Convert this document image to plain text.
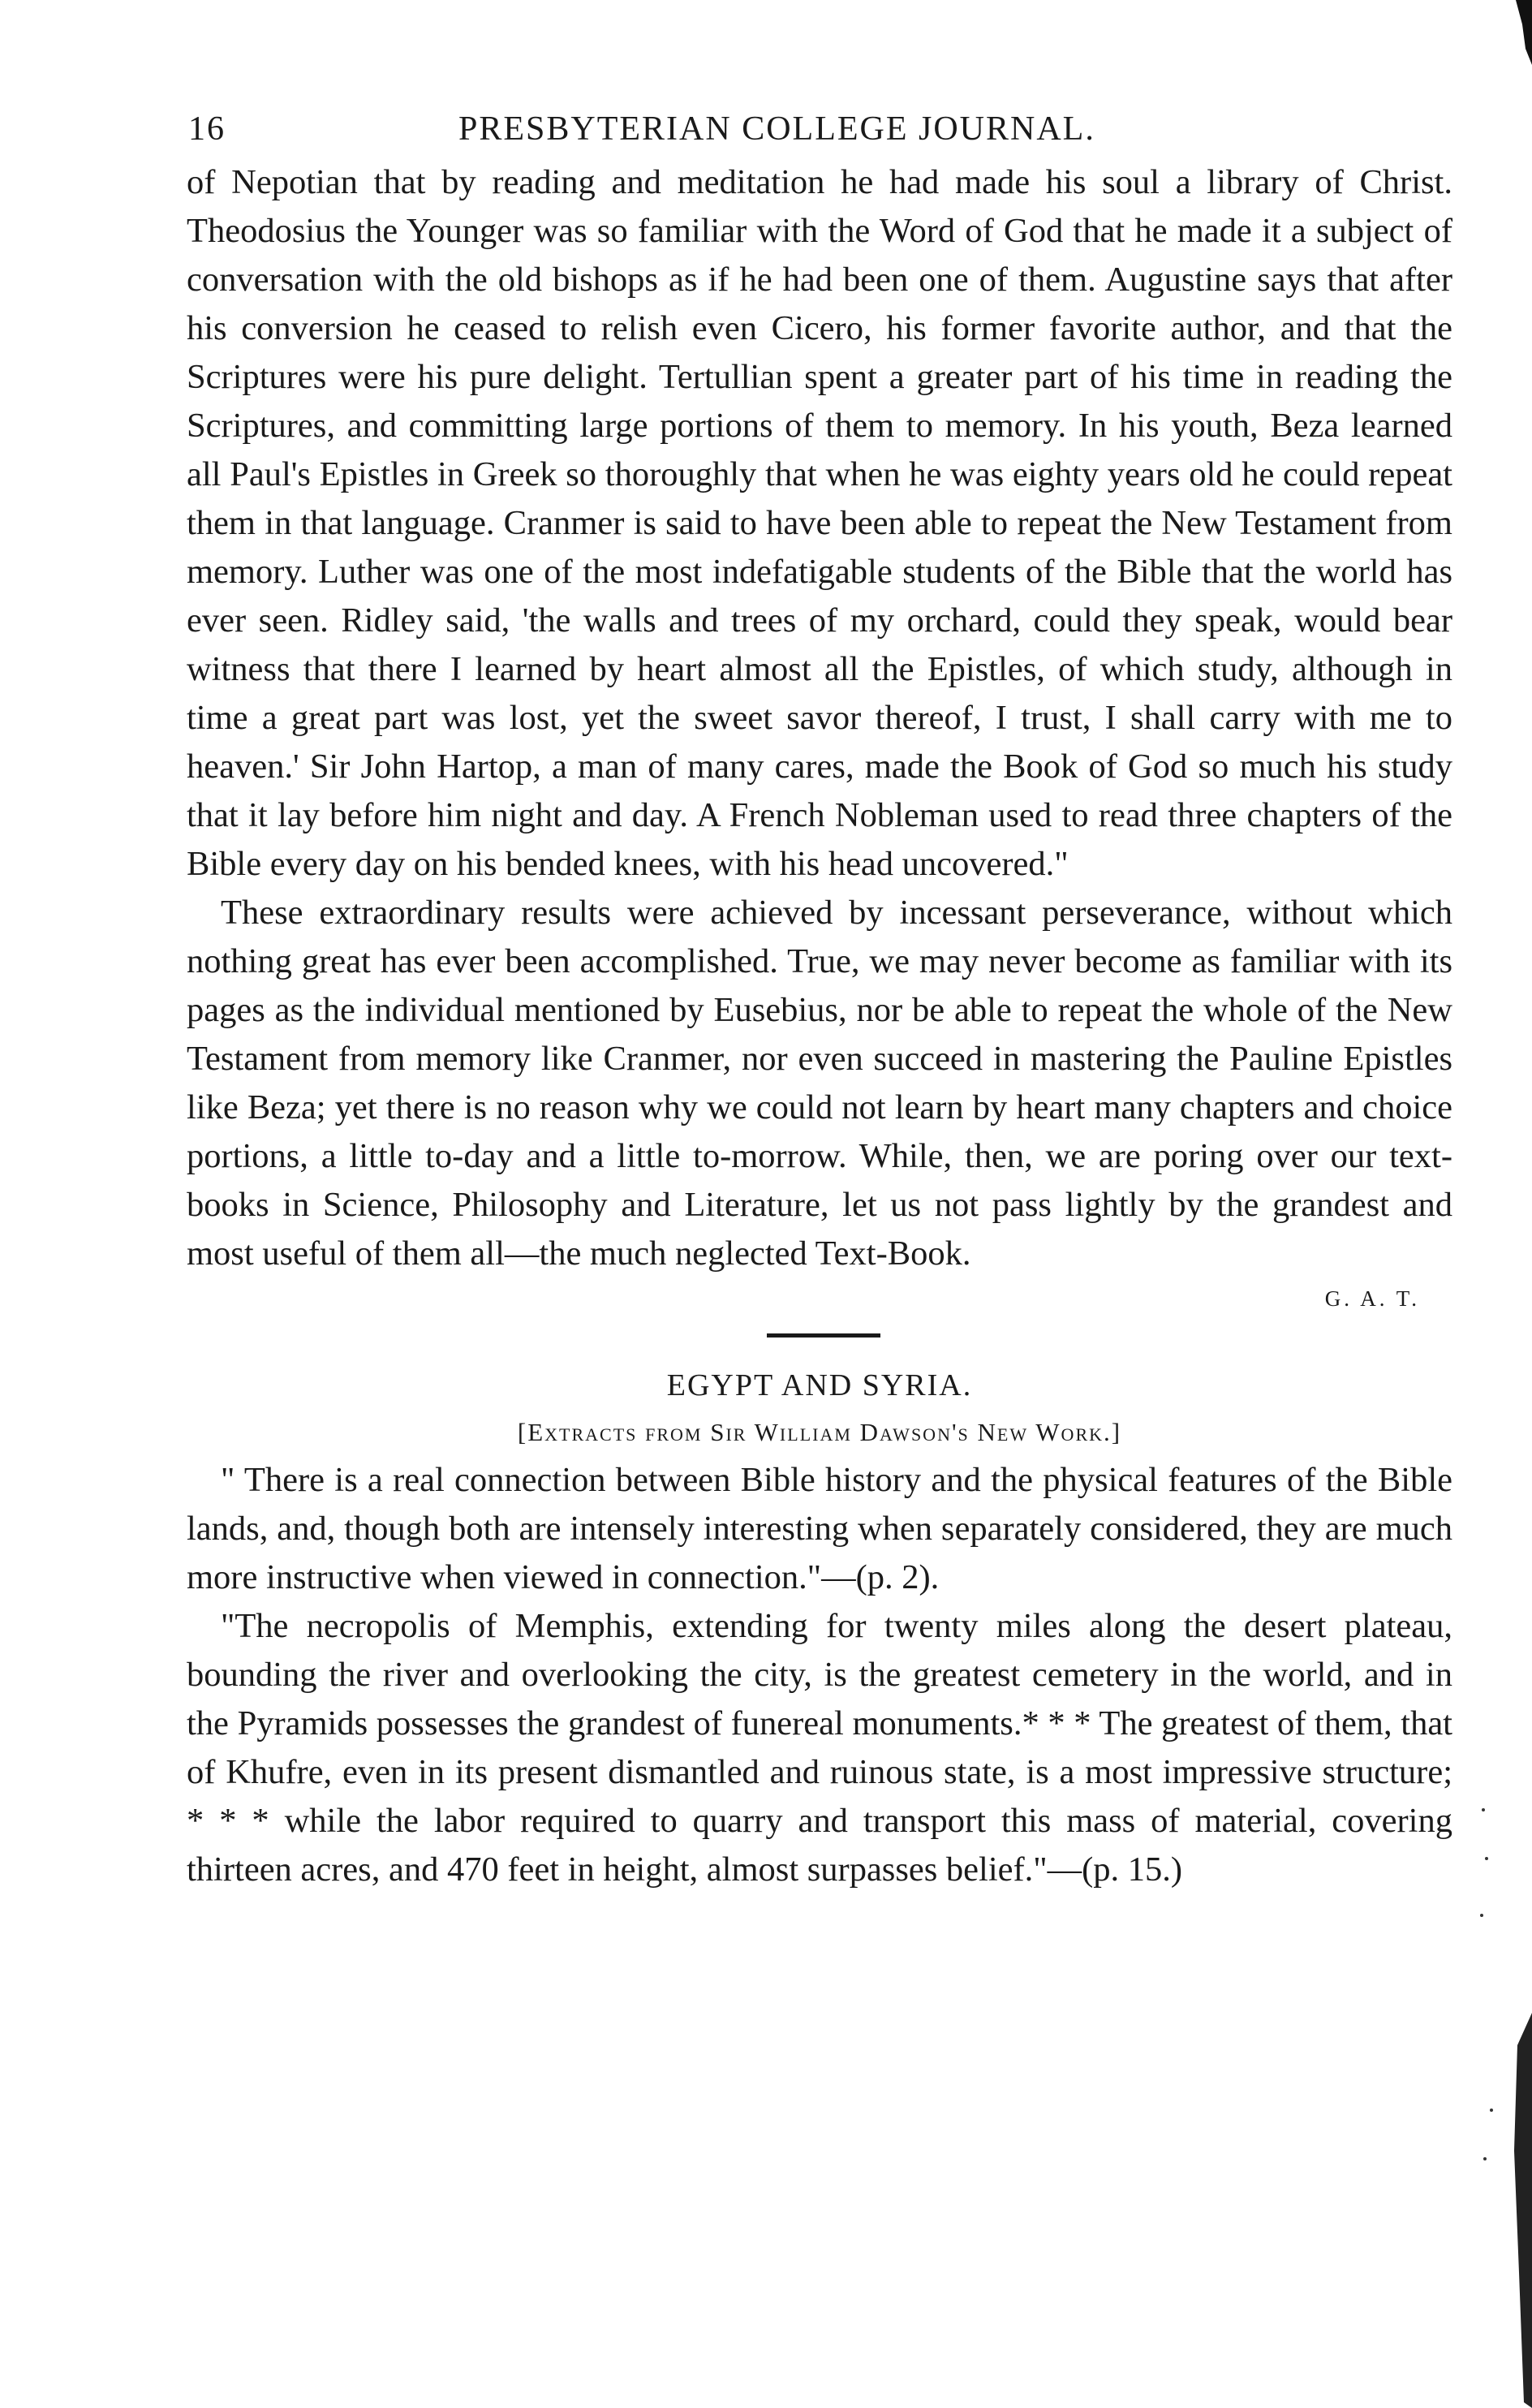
16	PRESBYTERIAN COLLEGE JOURNAL.

of Nepotian that by reading and meditation he had made his soul a library of Christ. Theodosius the Younger was so familiar with the Word of God that he made it a subject of conversation with the old bishops as if he had been one of them. Augustine says that after his conversion he ceased to relish even Cicero, his former favorite author, and that the Scriptures were his pure delight. Tertullian spent a greater part of his time in reading the Scriptures, and committing large portions of them to memory. In his youth, Beza learned all Paul's Epistles in Greek so thoroughly that when he was eighty years old he could repeat them in that language. Cranmer is said to have been able to repeat the New Testament from memory. Luther was one of the most indefatigable students of the Bible that the world has ever seen. Ridley said, 'the walls and trees of my orchard, could they speak, would bear witness that there I learned by heart almost all the Epistles, of which study, although in time a great part was lost, yet the sweet savor thereof, I trust, I shall carry with me to heaven.' Sir John Hartop, a man of many cares, made the Book of God so much his study that it lay before him night and day. A French Nobleman used to read three chapters of the Bible every day on his bended knees, with his head uncovered."

These extraordinary results were achieved by incessant perseverance, without which nothing great has ever been accomplished. True, we may never become as familiar with its pages as the individual mentioned by Eusebius, nor be able to repeat the whole of the New Testament from memory like Cranmer, nor even succeed in mastering the Pauline Epistles like Beza; yet there is no reason why we could not learn by heart many chapters and choice portions, a little to-day and a little to-morrow. While, then, we are poring over our text-books in Science, Philosophy and Literature, let us not pass lightly by the grandest and most useful of them all—the much neglected Text-Book.

G. A. T.
EGYPT AND SYRIA.
[Extracts from Sir William Dawson's New Work.]

" There is a real connection between Bible history and the physical features of the Bible lands, and, though both are intensely interesting when separately considered, they are much more instructive when viewed in connection."—(p. 2).

"The necropolis of Memphis, extending for twenty miles along the desert plateau, bounding the river and overlooking the city, is the greatest cemetery in the world, and in the Pyramids possesses the grandest of funereal monuments.* * * The greatest of them, that of Khufre, even in its present dismantled and ruinous state, is a most impressive structure; * * * while the labor required to quarry and transport this mass of material, covering thirteen acres, and 470 feet in height, almost surpasses belief."—(p. 15.)
